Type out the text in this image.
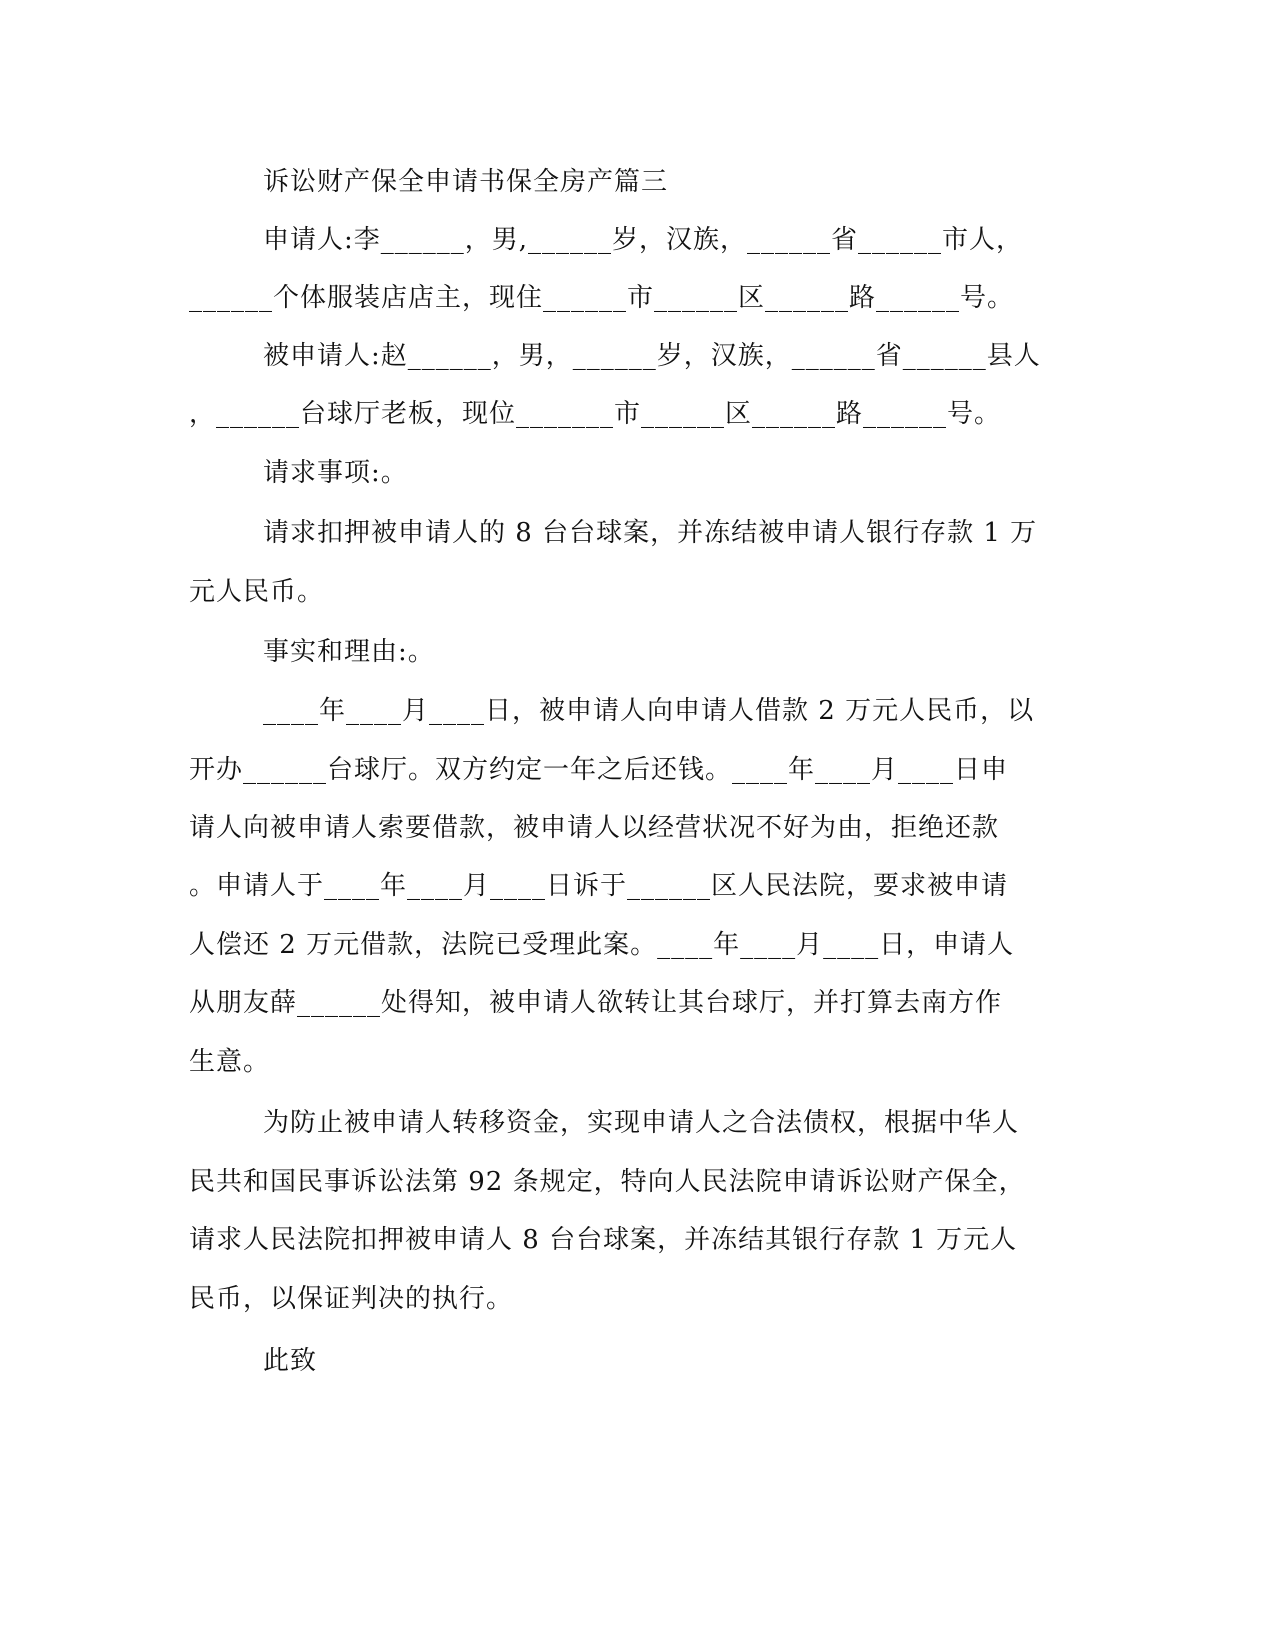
诉讼财产保全申请书保全房产篇三
申请人:李______，男,______岁，汉族，______省______市人，
______个体服装店店主，现住______市______区______路______号。
被申请人:赵______，男，______岁，汉族，______省______县人
，______台球厅老板，现位_______市______区______路______号。
请求事项:。
请求扣押被申请人的 8 台台球案，并冻结被申请人银行存款 1 万
元人民币。
事实和理由:。
____年____月____日，被申请人向申请人借款 2 万元人民币，以
开办______台球厅。双方约定一年之后还钱。____年____月____日申
请人向被申请人索要借款，被申请人以经营状况不好为由，拒绝还款
。申请人于____年____月____日诉于______区人民法院，要求被申请
人偿还 2 万元借款，法院已受理此案。____年____月____日，申请人
从朋友薛______处得知，被申请人欲转让其台球厅，并打算去南方作
生意。
为防止被申请人转移资金，实现申请人之合法债权，根据中华人
民共和国民事诉讼法第 92 条规定，特向人民法院申请诉讼财产保全，
请求人民法院扣押被申请人 8 台台球案，并冻结其银行存款 1 万元人
民币，以保证判决的执行。
此致
